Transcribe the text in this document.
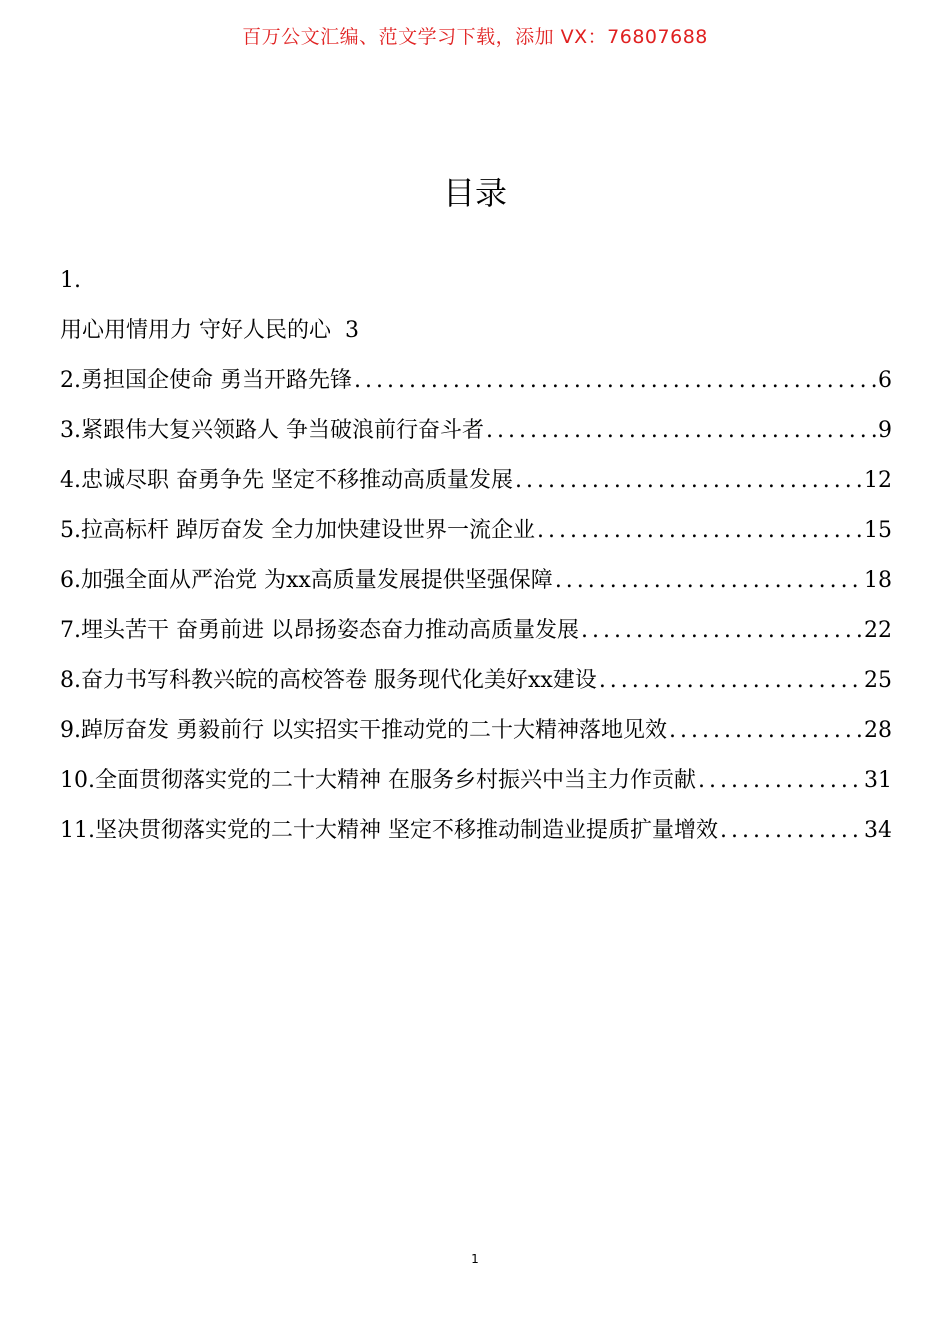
百万公文汇编、范文学习下载，添加 VX：76807688
目录
1.
用心用情用力 守好人民的心 3
2.勇担国企使命 勇当开路先锋 .....	6
3.紧跟伟大复兴领路人 争当破浪前行奋斗者 .....	9
4.忠诚尽职 奋勇争先 坚定不移推动高质量发展 .....	12
5.拉高标杆 踔厉奋发 全力加快建设世界一流企业 .....	15
6.加强全面从严治党 为xx高质量发展提供坚强保障 .....	18
7.埋头苦干 奋勇前进 以昂扬姿态奋力推动高质量发展 .....	22
8.奋力书写科教兴皖的高校答卷 服务现代化美好xx建设 .....	25
9.踔厉奋发 勇毅前行 以实招实干推动党的二十大精神落地见效 .....	28
10.全面贯彻落实党的二十大精神 在服务乡村振兴中当主力作贡献 .....	31
11.坚决贯彻落实党的二十大精神 坚定不移推动制造业提质扩量增效 .....	34
1
